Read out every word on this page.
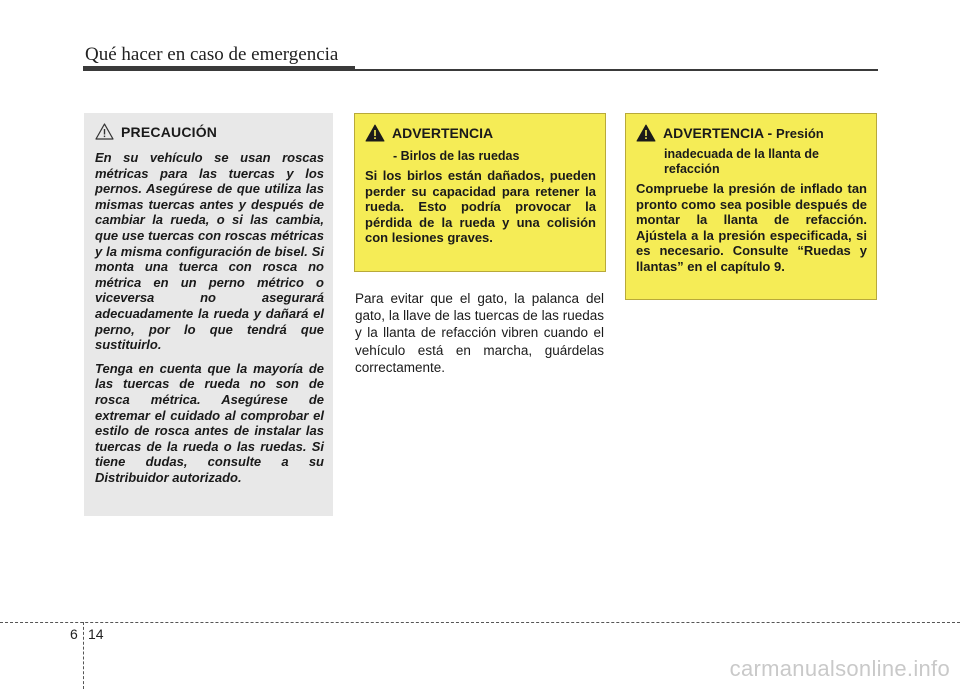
Qué hacer en caso de emergencia
PRECAUCIÓN

En su vehículo se usan roscas métricas para las tuercas y los pernos. Asegúrese de que utiliza las mismas tuercas antes y después de cambiar la rueda, o si las cambia, que use tuercas con roscas métricas y la misma configuración de bisel. Si monta una tuerca con rosca no métrica en un perno métrico o viceversa no asegurará adecuadamente la rueda y dañará el perno, por lo que tendrá que sustituirlo.

Tenga en cuenta que la mayoría de las tuercas de rueda no son de rosca métrica. Asegúrese de extremar el cuidado al comprobar el estilo de rosca antes de instalar las tuercas de la rueda o las ruedas. Si tiene dudas, consulte a su Distribuidor autorizado.

ADVERTENCIA
- Birlos de las ruedas

Si los birlos están dañados, pueden perder su capacidad para retener la rueda. Esto podría provocar la pérdida de la rueda y una colisión con lesiones graves.

ADVERTENCIA - Presión
inadecuada de la llanta de refacción

Compruebe la presión de inflado tan pronto como sea posible después de montar la llanta de refacción. Ajústela a la presión especificada, si es necesario. Consulte “Ruedas y llantas” en el capítulo 9.

Para evitar que el gato, la palanca del gato, la llave de las tuercas de las ruedas y la llanta de refacción vibren cuando el vehículo está en marcha, guárdelas correctamente.
6 14
carmanualsonline.info
